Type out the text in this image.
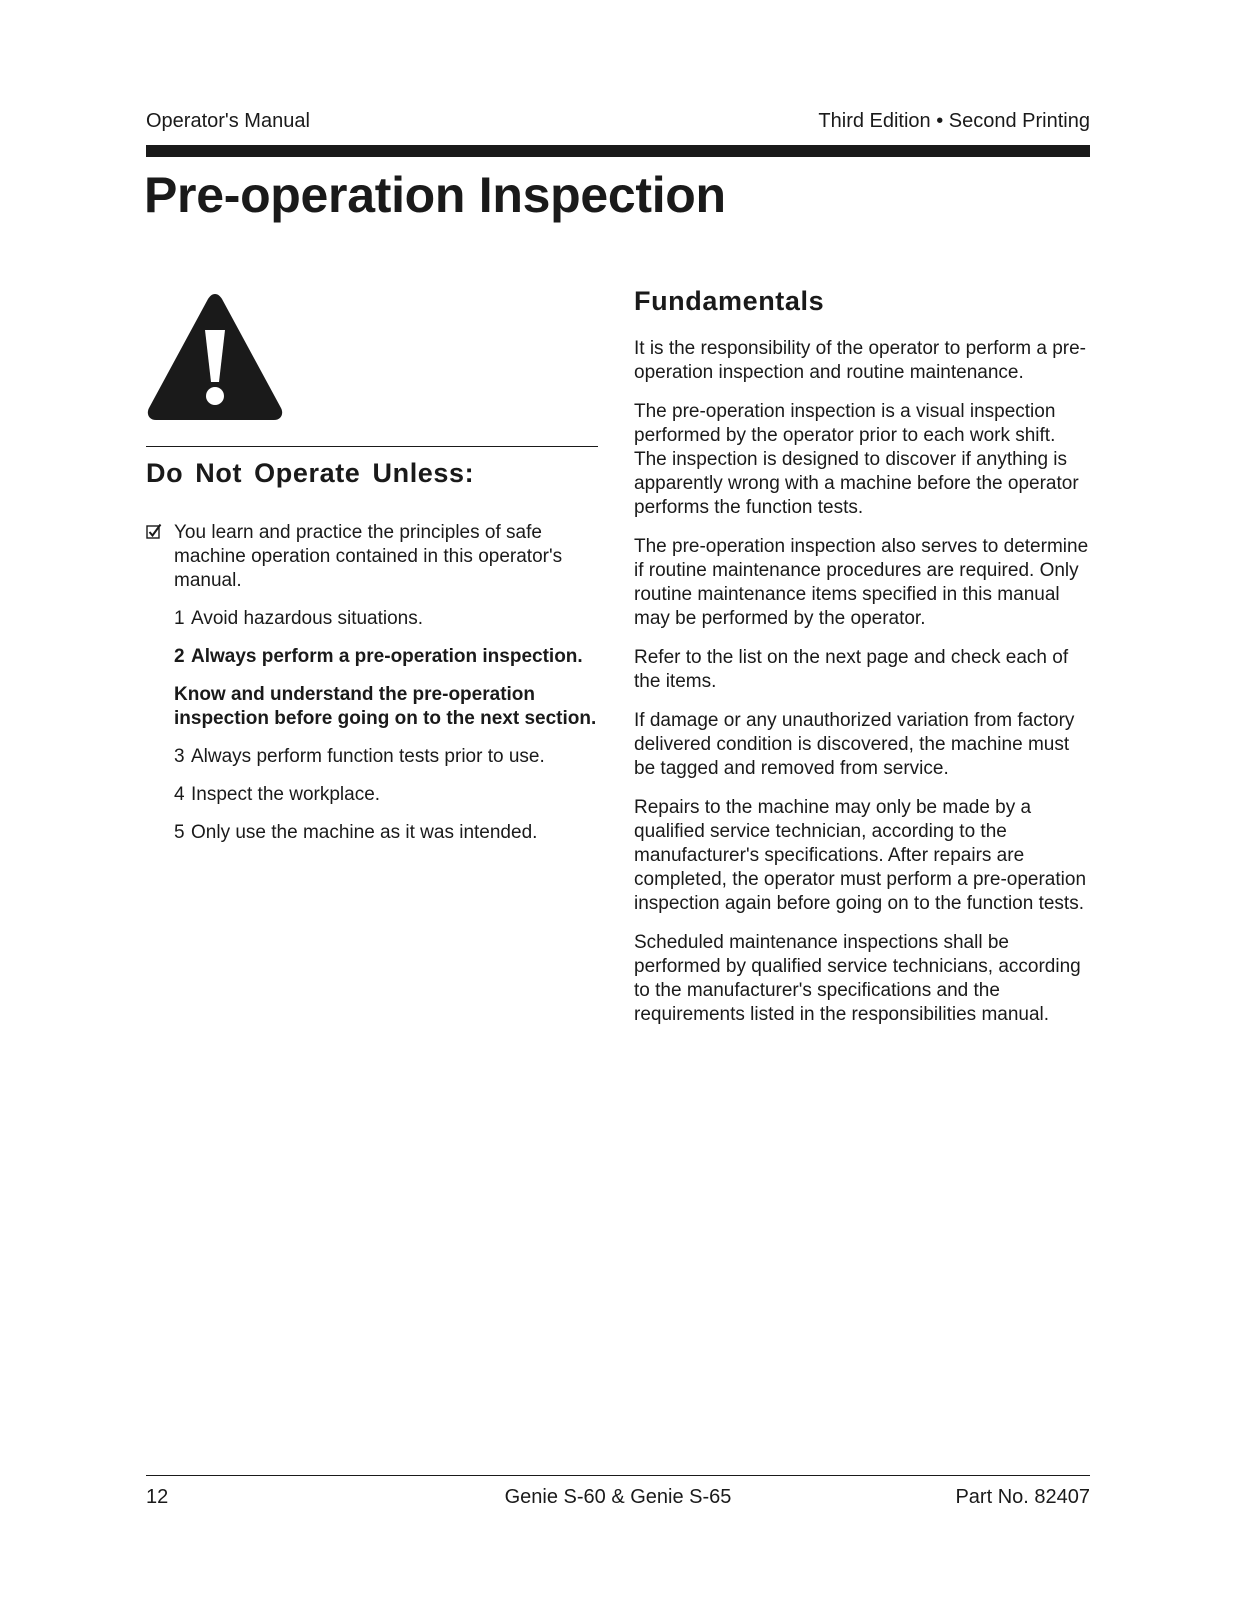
Operator's Manual	Third Edition • Second Printing
Pre-operation Inspection
Do Not Operate Unless:
You learn and practice the principles of safe machine operation contained in this operator's manual.
1 Avoid hazardous situations.
2 Always perform a pre-operation inspection.

Know and understand the pre-operation inspection before going on to the next section.

3 Always perform function tests prior to use.
4 Inspect the workplace.
5 Only use the machine as it was intended.
Fundamentals

It is the responsibility of the operator to perform a pre-operation inspection and routine maintenance.

The pre-operation inspection is a visual inspection performed by the operator prior to each work shift. The inspection is designed to discover if anything is apparently wrong with a machine before the operator performs the function tests.

The pre-operation inspection also serves to determine if routine maintenance procedures are required. Only routine maintenance items specified in this manual may be performed by the operator.

Refer to the list on the next page and check each of the items.

If damage or any unauthorized variation from factory delivered condition is discovered, the machine must be tagged and removed from service.

Repairs to the machine may only be made by a qualified service technician, according to the manufacturer's specifications. After repairs are completed, the operator must perform a pre-operation inspection again before going on to the function tests.

Scheduled maintenance inspections shall be performed by qualified service technicians, according to the manufacturer's specifications and the requirements listed in the responsibilities manual.

12	Genie S-60 & Genie S-65	Part No. 82407
